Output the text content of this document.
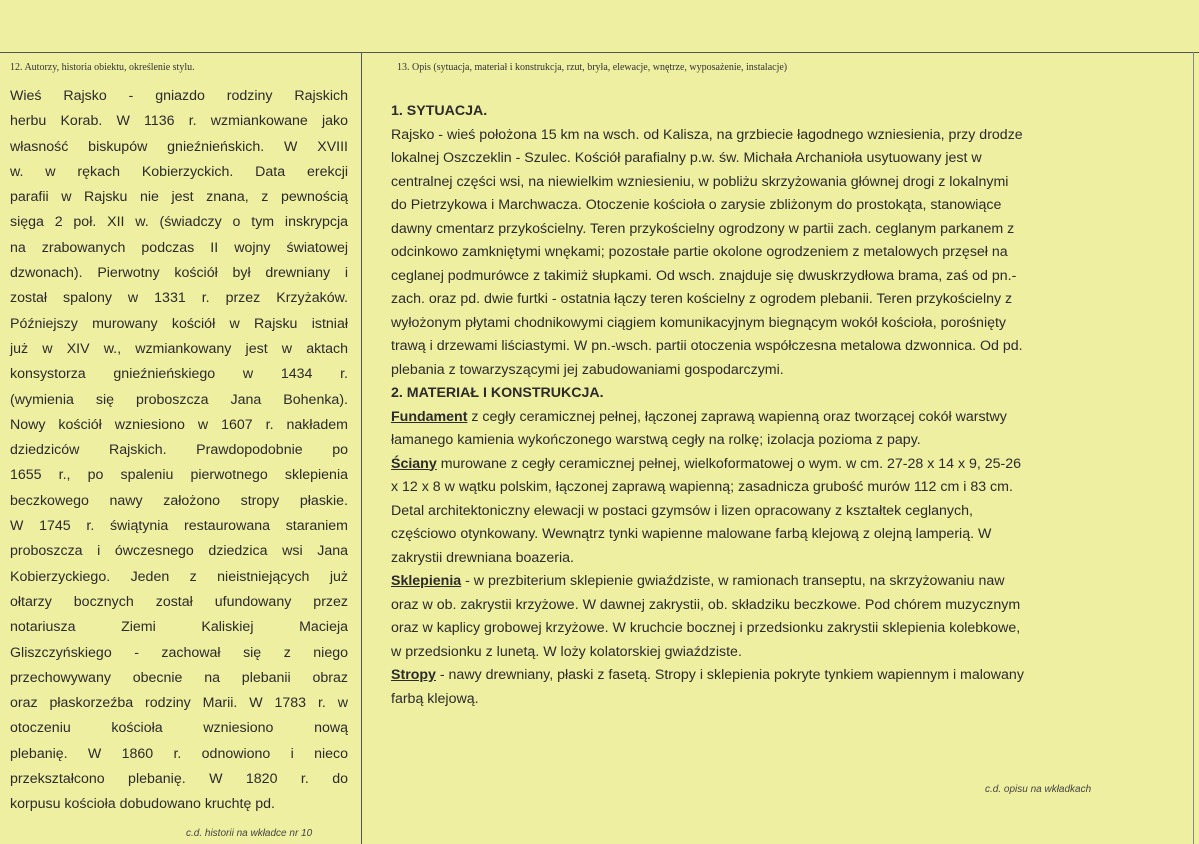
12. Autorzy, historia obiektu, określenie stylu.	13. Opis (sytuacja, materiał i konstrukcja, rzut, bryła, elewacje, wnętrze, wyposażenie, instalacje)

Wieś Rajsko - gniazdo rodziny Rajskich

herbu Korab. W 1136 r. wzmiankowane jako

własność biskupów gnieźnieńskich. W XVIII

w. w rękach Kobierzyckich. Data erekcji

parafii w Rajsku nie jest znana, z pewnością

sięga 2 poł. XII w. (świadczy o tym inskrypcja

na zrabowanych podczas II wojny światowej

dzwonach). Pierwotny kościół był drewniany i

został spalony w 1331 r. przez Krzyżaków.

Późniejszy murowany kościół w Rajsku istniał

już w XIV w., wzmiankowany jest w aktach

konsystorza gnieźnieńskiego w 1434 r.

(wymienia się proboszcza Jana Bohenka).

Nowy kościół wzniesiono w 1607 r. nakładem

dziedziców Rajskich. Prawdopodobnie po

1655 r., po spaleniu pierwotnego sklepienia

beczkowego nawy założono stropy płaskie.

W 1745 r. świątynia restaurowana staraniem

proboszcza i ówczesnego dziedzica wsi Jana

Kobierzyckiego. Jeden z nieistniejących już

ołtarzy bocznych został ufundowany przez

notariusza Ziemi Kaliskiej Macieja

Gliszczyńskiego - zachował się z niego

przechowywany obecnie na plebanii obraz

oraz płaskorzeźba rodziny Marii. W 1783 r. w

otoczeniu kościoła wzniesiono nową

plebanię. W 1860 r. odnowiono i nieco

przekształcono plebanię. W 1820 r. do

korpusu kościoła dobudowano kruchtę pd.

1. SYTUACJA.

Rajsko - wieś położona 15 km na wsch. od Kalisza, na grzbiecie łagodnego wzniesienia, przy drodze

lokalnej Oszczeklin - Szulec. Kościół parafialny p.w. św. Michała Archanioła usytuowany jest w

centralnej części wsi, na niewielkim wzniesieniu, w pobliżu skrzyżowania głównej drogi z lokalnymi

do Pietrzykowa i Marchwacza. Otoczenie kościoła o zarysie zbliżonym do prostokąta, stanowiące

dawny cmentarz przykościelny. Teren przykościelny ogrodzony w partii zach. ceglanym parkanem z

odcinkowo zamkniętymi wnękami; pozostałe partie okolone ogrodzeniem z metalowych przęseł na

ceglanej podmurówce z takimiż słupkami. Od wsch. znajduje się dwuskrzydłowa brama, zaś od pn.-

zach. oraz pd. dwie furtki - ostatnia łączy teren kościelny z ogrodem plebanii. Teren przykościelny z

wyłożonym płytami chodnikowymi ciągiem komunikacyjnym biegnącym wokół kościoła, porośnięty

trawą i drzewami liściastymi. W pn.-wsch. partii otoczenia współczesna metalowa dzwonnica. Od pd.

plebania z towarzyszącymi jej zabudowaniami gospodarczymi.

2. MATERIAŁ I KONSTRUKCJA.

Fundament z cegły ceramicznej pełnej, łączonej zaprawą wapienną oraz tworzącej cokół warstwy

łamanego kamienia wykończonego warstwą cegły na rolkę; izolacja pozioma z papy.

Ściany murowane z cegły ceramicznej pełnej, wielkoformatowej o wym. w cm. 27-28 x 14 x 9, 25-26

x 12 x 8 w wątku polskim, łączonej zaprawą wapienną; zasadnicza grubość murów 112 cm i 83 cm.

Detal architektoniczny elewacji w postaci gzymsów i lizen opracowany z kształtek ceglanych,

częściowo otynkowany. Wewnątrz tynki wapienne malowane farbą klejową z olejną lamperią. W

zakrystii drewniana boazeria.

Sklepienia - w prezbiterium sklepienie gwiaździste, w ramionach transeptu, na skrzyżowaniu naw

oraz w ob. zakrystii krzyżowe. W dawnej zakrystii, ob. składziku beczkowe. Pod chórem muzycznym

oraz w kaplicy grobowej krzyżowe. W kruchcie bocznej i przedsionku zakrystii sklepienia kolebkowe,

w przedsionku z lunetą. W loży kolatorskiej gwiaździste.

Stropy - nawy drewniany, płaski z fasetą. Stropy i sklepienia pokryte tynkiem wapiennym i malowany

farbą klejową.

c.d. historii na wkładce nr 10
c.d. opisu na wkładkach
